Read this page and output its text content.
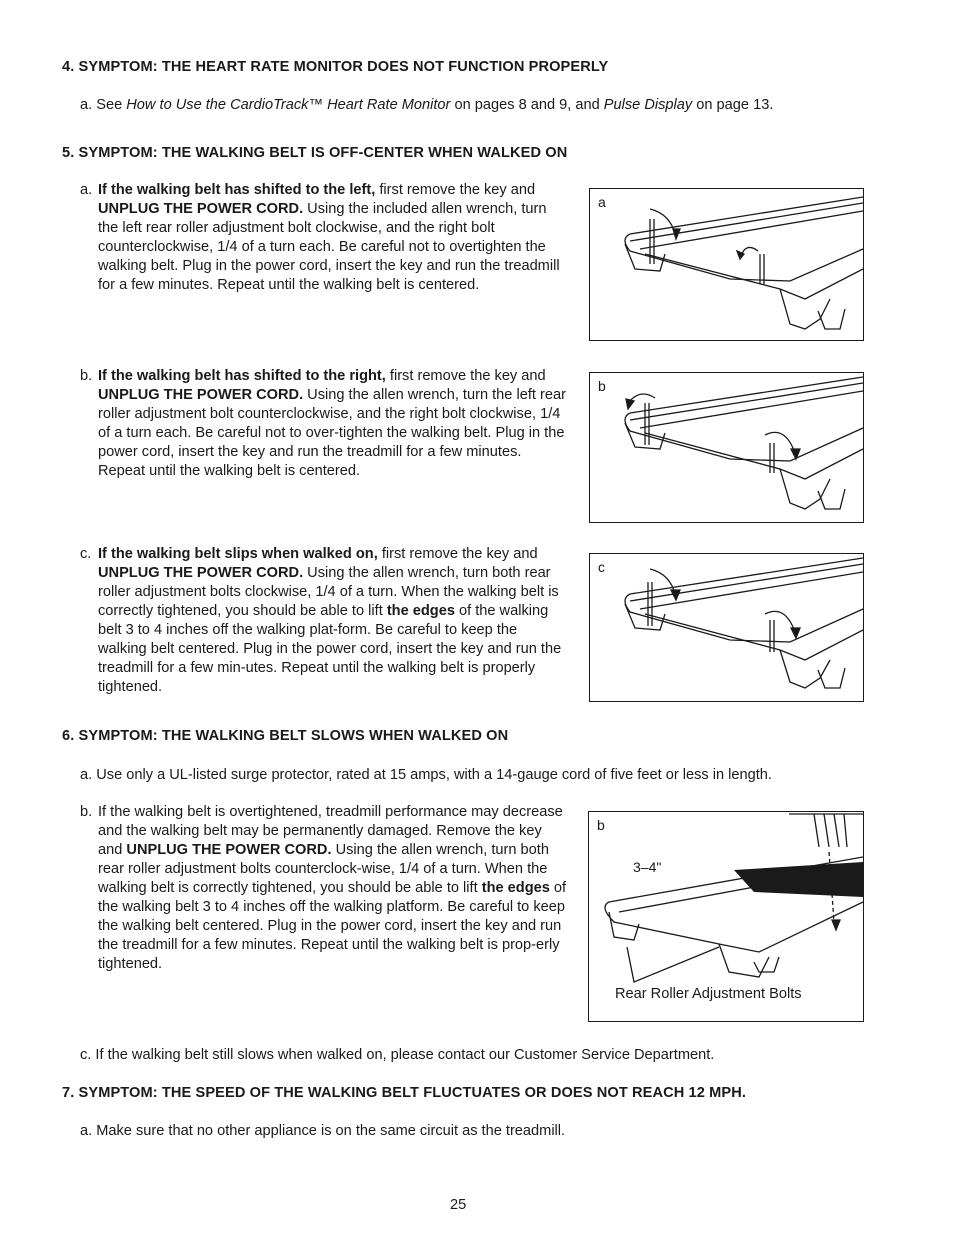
4. SYMPTOM: THE HEART RATE MONITOR DOES NOT FUNCTION PROPERLY
a. See How to Use the CardioTrack™ Heart Rate Monitor on pages 8 and 9, and Pulse Display on page 13.
5. SYMPTOM: THE WALKING BELT IS OFF-CENTER WHEN WALKED ON
a. If the walking belt has shifted to the left, first remove the key and UNPLUG THE POWER CORD. Using the included allen wrench, turn the left rear roller adjustment bolt clockwise, and the right bolt counterclockwise, 1/4 of a turn each. Be careful not to overtighten the walking belt. Plug in the power cord, insert the key and run the treadmill for a few minutes. Repeat until the walking belt is centered.
b. If the walking belt has shifted to the right, first remove the key and UNPLUG THE POWER CORD. Using the allen wrench, turn the left rear roller adjustment bolt counterclockwise, and the right bolt clockwise, 1/4 of a turn each. Be careful not to over-tighten the walking belt. Plug in the power cord, insert the key and run the treadmill for a few minutes. Repeat until the walking belt is centered.
c. If the walking belt slips when walked on, first remove the key and UNPLUG THE POWER CORD. Using the allen wrench, turn both rear roller adjustment bolts clockwise, 1/4 of a turn. When the walking belt is correctly tightened, you should be able to lift the edges of the walking belt 3 to 4 inches off the walking plat-form. Be careful to keep the walking belt centered. Plug in the power cord, insert the key and run the treadmill for a few min-utes. Repeat until the walking belt is properly tightened.
a
b
c
6. SYMPTOM: THE WALKING BELT SLOWS WHEN WALKED ON
a. Use only a UL-listed surge protector, rated at 15 amps, with a 14-gauge cord of five feet or less in length.
b. If the walking belt is overtightened, treadmill performance may decrease and the walking belt may be permanently damaged. Remove the key and UNPLUG THE POWER CORD. Using the allen wrench, turn both rear roller adjustment bolts counterclock-wise, 1/4 of a turn. When the walking belt is correctly tightened, you should be able to lift the edges of the walking belt 3 to 4 inches off the walking platform. Be careful to keep the walking belt centered. Plug in the power cord, insert the key and run the treadmill for a few minutes. Repeat until the walking belt is prop-erly tightened.
b
3–4"
Rear Roller Adjustment Bolts
c. If the walking belt still slows when walked on, please contact our Customer Service Department.
7. SYMPTOM: THE SPEED OF THE WALKING BELT FLUCTUATES OR DOES NOT REACH 12 MPH.
a. Make sure that no other appliance is on the same circuit as the treadmill.
25
